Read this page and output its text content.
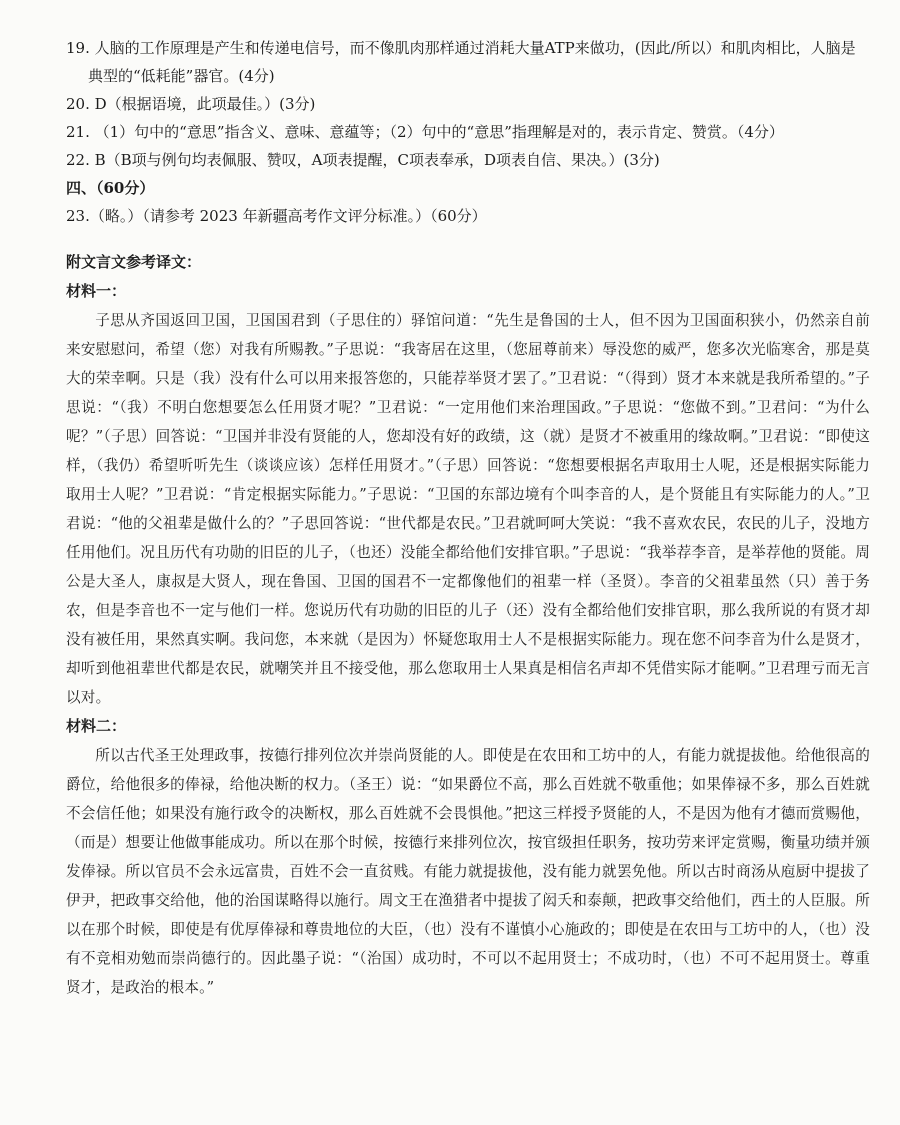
19. 人脑的工作原理是产生和传递电信号，而不像肌肉那样通过消耗大量ATP来做功，(因此/所以）和肌肉相比，人脑是典型的“低耗能”器官。(4分)

20. D（根据语境，此项最佳。）(3分)

21. （1）句中的“意思”指含义、意味、意蕴等；（2）句中的“意思”指理解是对的，表示肯定、赞赏。（4分）

22. B（B项与例句均表佩服、赞叹，A项表提醒，C项表奉承，D项表自信、果决。）(3分)

四、（60分）

23.（略。）（请参考 2023 年新疆高考作文评分标准。）（60分）

附文言文参考译文：

材料一：

子思从齐国返回卫国，卫国国君到（子思住的）驿馆问道：“先生是鲁国的士人，但不因为卫国面积狭小，仍然亲自前来安慰慰问，希望（您）对我有所赐教。”子思说：“我寄居在这里，（您屈尊前来）辱没您的威严，您多次光临寒舍，那是莫大的荣幸啊。只是（我）没有什么可以用来报答您的，只能荐举贤才罢了。”卫君说：“（得到）贤才本来就是我所希望的。”子思说：“（我）不明白您想要怎么任用贤才呢？”卫君说：“一定用他们来治理国政。”子思说：“您做不到。”卫君问：“为什么呢？”（子思）回答说：“卫国并非没有贤能的人，您却没有好的政绩，这（就）是贤才不被重用的缘故啊。”卫君说：“即使这样，（我仍）希望听听先生（谈谈应该）怎样任用贤才。”（子思）回答说：“您想要根据名声取用士人呢，还是根据实际能力取用士人呢？”卫君说：“肯定根据实际能力。”子思说：“卫国的东部边境有个叫李音的人，是个贤能且有实际能力的人。”卫君说：“他的父祖辈是做什么的？”子思回答说：“世代都是农民。”卫君就呵呵大笑说：“我不喜欢农民，农民的儿子，没地方任用他们。况且历代有功勋的旧臣的儿子，（也还）没能全都给他们安排官职。”子思说：“我举荐李音，是举荐他的贤能。周公是大圣人，康叔是大贤人，现在鲁国、卫国的国君不一定都像他们的祖辈一样（圣贤）。李音的父祖辈虽然（只）善于务农，但是李音也不一定与他们一样。您说历代有功勋的旧臣的儿子（还）没有全都给他们安排官职，那么我所说的有贤才却没有被任用，果然真实啊。我问您，本来就（是因为）怀疑您取用士人不是根据实际能力。现在您不问李音为什么是贤才，却听到他祖辈世代都是农民，就嘲笑并且不接受他，那么您取用士人果真是相信名声却不凭借实际才能啊。”卫君理亏而无言以对。

材料二：

所以古代圣王处理政事，按德行排列位次并崇尚贤能的人。即使是在农田和工坊中的人，有能力就提拔他。给他很高的爵位，给他很多的俸禄，给他决断的权力。（圣王）说：“如果爵位不高，那么百姓就不敬重他；如果俸禄不多，那么百姓就不会信任他；如果没有施行政令的决断权，那么百姓就不会畏惧他。”把这三样授予贤能的人，不是因为他有才德而赏赐他，（而是）想要让他做事能成功。所以在那个时候，按德行来排列位次，按官级担任职务，按功劳来评定赏赐，衡量功绩并颁发俸禄。所以官员不会永远富贵，百姓不会一直贫贱。有能力就提拔他，没有能力就罢免他。所以古时商汤从庖厨中提拔了伊尹，把政事交给他，他的治国谋略得以施行。周文王在渔猎者中提拔了闳夭和泰颠，把政事交给他们，西土的人臣服。所以在那个时候，即使是有优厚俸禄和尊贵地位的大臣，（也）没有不谨慎小心施政的；即使是在农田与工坊中的人，（也）没有不竞相劝勉而崇尚德行的。因此墨子说：“（治国）成功时，不可以不起用贤士；不成功时，（也）不可不起用贤士。尊重贤才，是政治的根本。”
